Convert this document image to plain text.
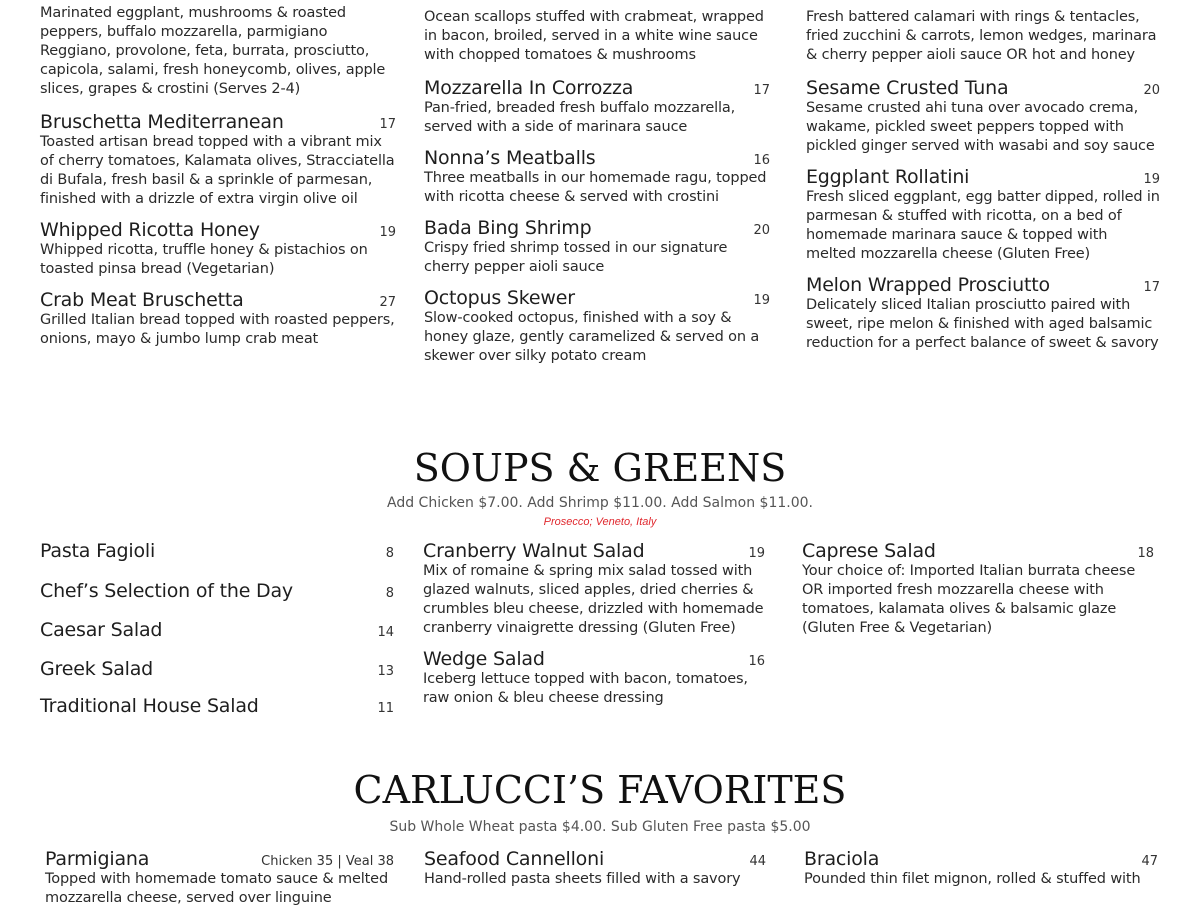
Marinated eggplant, mushrooms & roasted peppers, buffalo mozzarella, parmigiano Reggiano, provolone, feta, burrata, prosciutto, capicola, salami, fresh honeycomb, olives, apple slices, grapes & crostini (Serves 2-4)
Bruschetta Mediterranean	17
Toasted artisan bread topped with a vibrant mix of cherry tomatoes, Kalamata olives, Stracciatella di Bufala, fresh basil & a sprinkle of parmesan, finished with a drizzle of extra virgin olive oil
Whipped Ricotta Honey	19
Whipped ricotta, truffle honey & pistachios on toasted pinsa bread (Vegetarian)
Crab Meat Bruschetta	27
Grilled Italian bread topped with roasted peppers, onions, mayo & jumbo lump crab meat
Ocean scallops stuffed with crabmeat, wrapped in bacon, broiled, served in a white wine sauce with chopped tomatoes & mushrooms
Mozzarella In Corrozza	17
Pan-fried, breaded fresh buffalo mozzarella, served with a side of marinara sauce
Nonna’s Meatballs	16
Three meatballs in our homemade ragu, topped with ricotta cheese & served with crostini
Bada Bing Shrimp	20
Crispy fried shrimp tossed in our signature cherry pepper aioli sauce
Octopus Skewer	19
Slow-cooked octopus, finished with a soy & honey glaze, gently caramelized & served on a skewer over silky potato cream
Fresh battered calamari with rings & tentacles, fried zucchini & carrots, lemon wedges, marinara & cherry pepper aioli sauce OR hot and honey
Sesame Crusted Tuna	20
Sesame crusted ahi tuna over avocado crema, wakame, pickled sweet peppers topped with pickled ginger served with wasabi and soy sauce
Eggplant Rollatini	19
Fresh sliced eggplant, egg batter dipped, rolled in parmesan & stuffed with ricotta, on a bed of homemade marinara sauce & topped with melted mozzarella cheese (Gluten Free)
Melon Wrapped Prosciutto	17
Delicately sliced Italian prosciutto paired with sweet, ripe melon & finished with aged balsamic reduction for a perfect balance of sweet & savory
SOUPS & GREENS
Add Chicken $7.00. Add Shrimp $11.00. Add Salmon $11.00.
Prosecco; Veneto, Italy
Pasta Fagioli	8
Chef’s Selection of the Day	8
Caesar Salad	14
Greek Salad	13
Traditional House Salad	11
Cranberry Walnut Salad	19
Mix of romaine & spring mix salad tossed with glazed walnuts, sliced apples, dried cherries & crumbles bleu cheese, drizzled with homemade cranberry vinaigrette dressing (Gluten Free)
Wedge Salad	16
Iceberg lettuce topped with bacon, tomatoes, raw onion & bleu cheese dressing
Caprese Salad	18
Your choice of: Imported Italian burrata cheese OR imported fresh mozzarella cheese with tomatoes, kalamata olives & balsamic glaze (Gluten Free & Vegetarian)
CARLUCCI’S FAVORITES
Sub Whole Wheat pasta $4.00. Sub Gluten Free pasta $5.00
Parmigiana	Chicken 35 | Veal 38
Topped with homemade tomato sauce & melted mozzarella cheese, served over linguine
Seafood Cannelloni	44
Hand-rolled pasta sheets filled with a savory
Braciola	47
Pounded thin filet mignon, rolled & stuffed with
